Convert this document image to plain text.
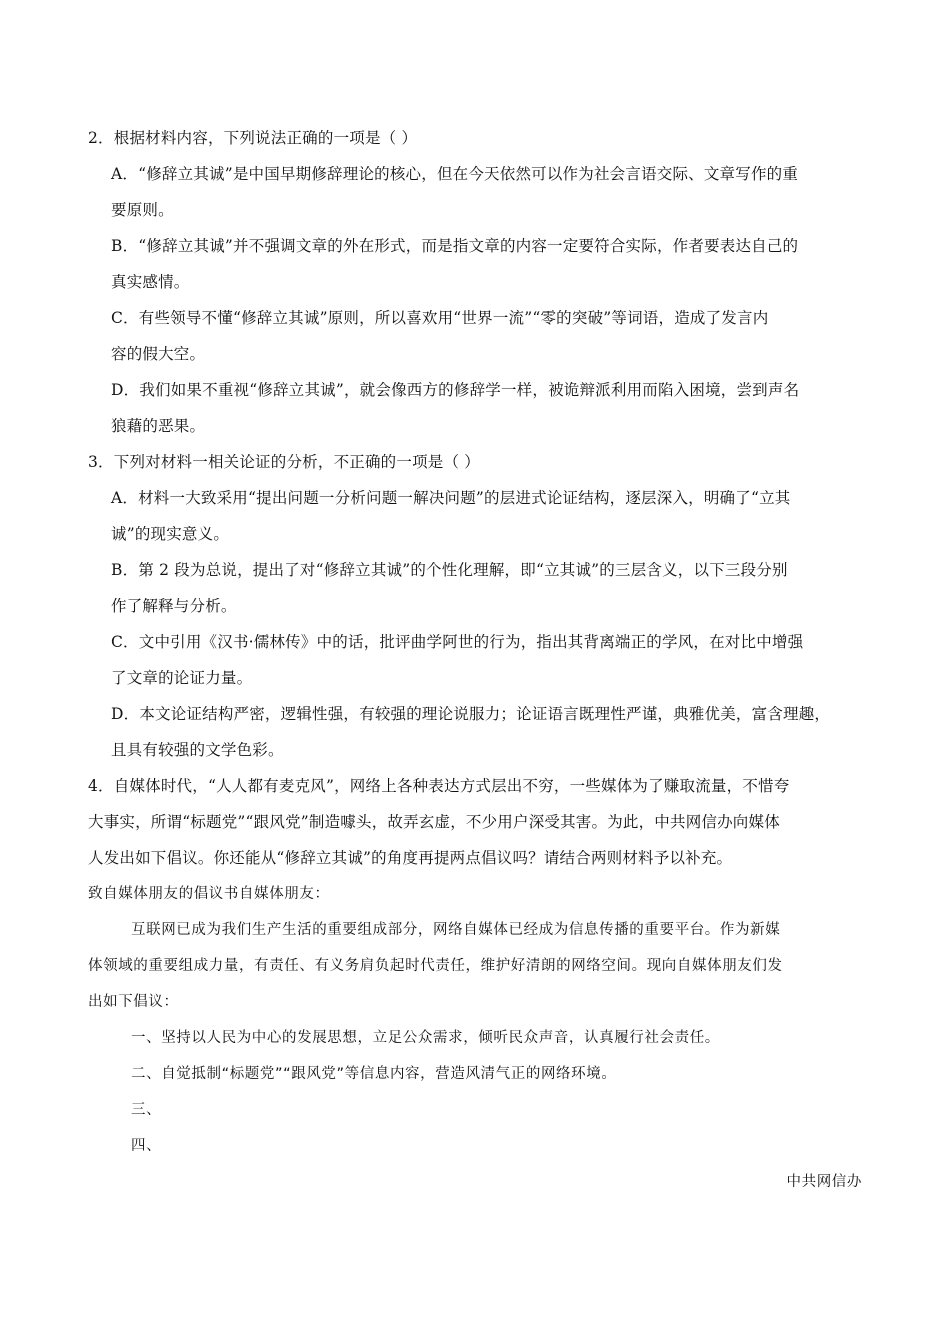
2．根据材料内容，下列说法正确的一项是（ ）
A．“修辞立其诚”是中国早期修辞理论的核心，但在今天依然可以作为社会言语交际、文章写作的重
要原则。
B．“修辞立其诚”并不强调文章的外在形式，而是指文章的内容一定要符合实际，作者要表达自己的
真实感情。
C．有些领导不懂“修辞立其诚”原则，所以喜欢用“世界一流”“零的突破”等词语，造成了发言内
容的假大空。
D．我们如果不重视“修辞立其诚”，就会像西方的修辞学一样，被诡辩派利用而陷入困境，尝到声名
狼藉的恶果。
3．下列对材料一相关论证的分析，不正确的一项是（ ）
A．材料一大致采用“提出问题一分析问题一解决问题”的层进式论证结构，逐层深入，明确了“立其
诚”的现实意义。
B．第 2 段为总说，提出了对“修辞立其诚”的个性化理解，即“立其诚”的三层含义，以下三段分别
作了解释与分析。
C．文中引用《汉书·儒林传》中的话，批评曲学阿世的行为，指出其背离端正的学风，在对比中增强
了文章的论证力量。
D．本文论证结构严密，逻辑性强，有较强的理论说服力；论证语言既理性严谨，典雅优美，富含理趣，
且具有较强的文学色彩。
4．自媒体时代，“人人都有麦克风”，网络上各种表达方式层出不穷，一些媒体为了赚取流量，不惜夸
大事实，所谓“标题党”“跟风党”制造噱头，故弄玄虚，不少用户深受其害。为此，中共网信办向媒体
人发出如下倡议。你还能从“修辞立其诚”的角度再提两点倡议吗？请结合两则材料予以补充。
致自媒体朋友的倡议书自媒体朋友：
互联网已成为我们生产生活的重要组成部分，网络自媒体已经成为信息传播的重要平台。作为新媒
体领域的重要组成力量，有责任、有义务肩负起时代责任，维护好清朗的网络空间。现向自媒体朋友们发
出如下倡议：
一、坚持以人民为中心的发展思想，立足公众需求，倾听民众声音，认真履行社会责任。
二、自觉抵制“标题党”“跟风党”等信息内容，营造风清气正的网络环境。
三、
四、
中共网信办
